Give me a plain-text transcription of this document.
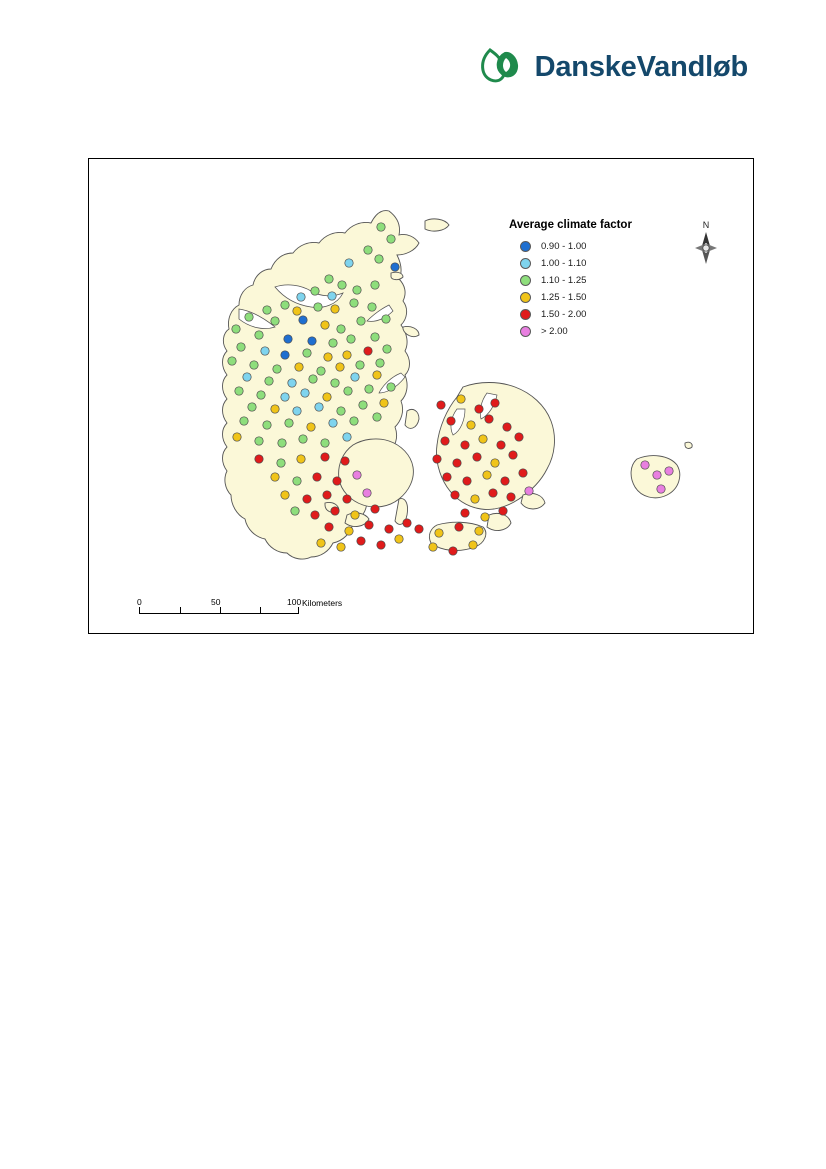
DanskeVandløb
Average climate factor
0.90 - 1.00
1.00 - 1.10
1.10 - 1.25
1.25 - 1.50
1.50 - 2.00
> 2.00
N
0	50	100 Kilometers
